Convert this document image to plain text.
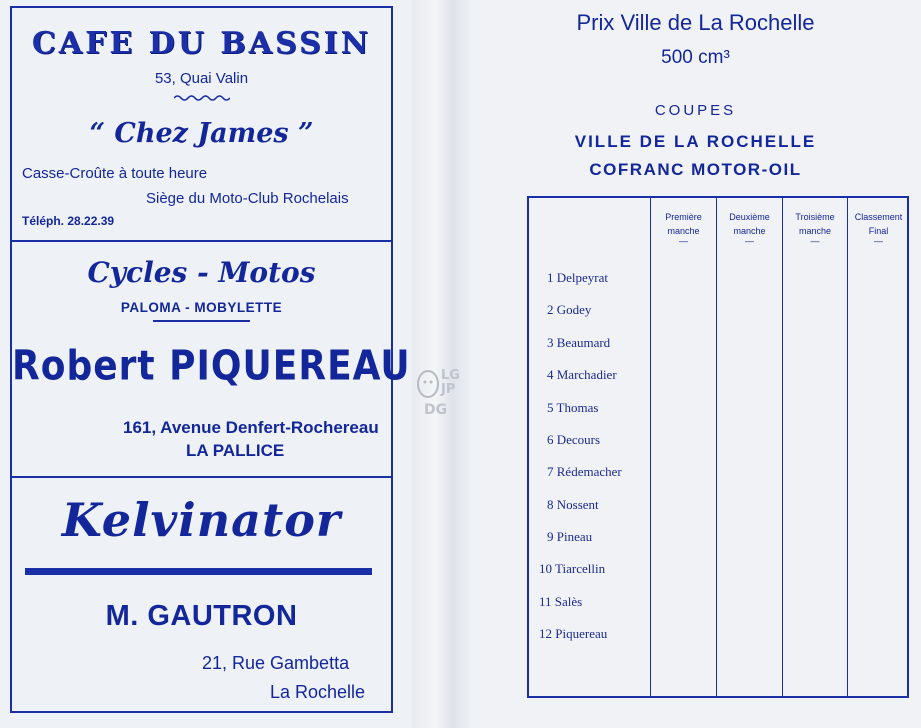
CAFE DU BASSIN
53, Quai Valin
“ Chez James ”
Casse-Croûte à toute heure
Siège du Moto-Club Rochelais
Téléph. 28.22.39
Cycles - Motos
PALOMA - MOBYLETTE
Robert PIQUEREAU
161, Avenue Denfert-Rochereau
LA PALLICE
Kelvinator
M. GAUTRON
21, Rue Gambetta
La Rochelle
LG
JP
DG
Prix Ville de La Rochelle
500 cm³
COUPES
VILLE DE LA ROCHELLE
COFRANC MOTOR-OIL
Première
manche
—
Deuxième
manche
—
Troisième
manche
—
Classement
Final
—
1 Delpeyrat
2 Godey
3 Beaumard
4 Marchadier
5 Thomas
6 Decours
7 Rédemacher
8 Nossent
9 Pineau
10 Tiarcellin
11 Salès
12 Piquereau
